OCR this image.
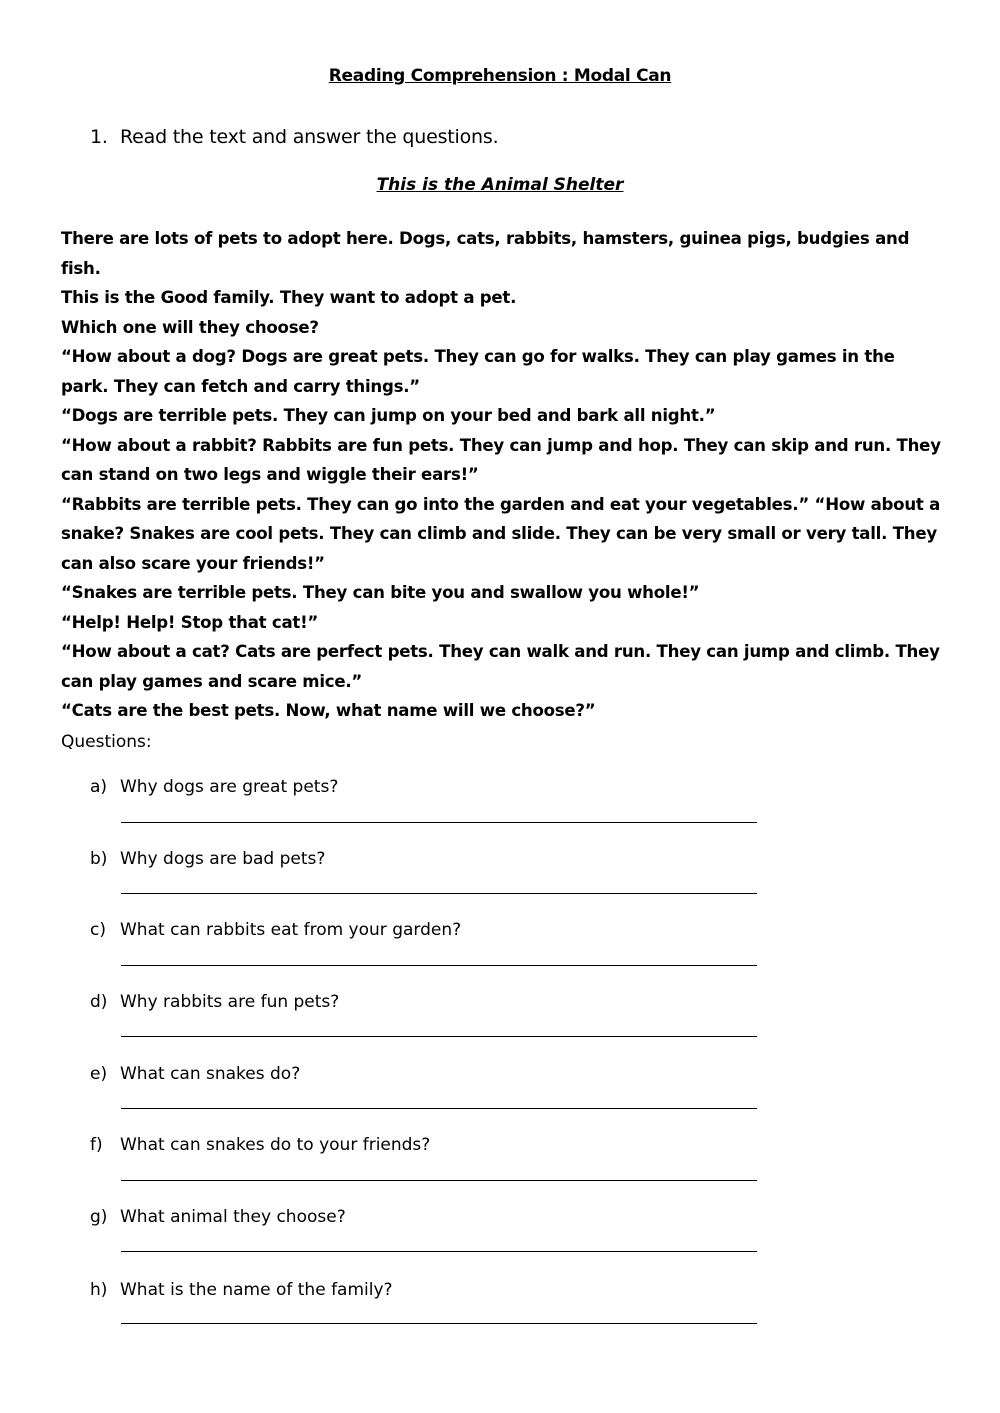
Reading Comprehension : Modal Can
1. Read the text and answer the questions.
This is the Animal Shelter

There are lots of pets to adopt here. Dogs, cats, rabbits, hamsters, guinea pigs, budgies and fish.

This is the Good family. They want to adopt a pet.

Which one will they choose?

“How about a dog? Dogs are great pets. They can go for walks. They can play games in the park. They can fetch and carry things.”

“Dogs are terrible pets. They can jump on your bed and bark all night.”

“How about a rabbit? Rabbits are fun pets. They can jump and hop. They can skip and run. They can stand on two legs and wiggle their ears!”

“Rabbits are terrible pets. They can go into the garden and eat your vegetables.” “How about a snake? Snakes are cool pets. They can climb and slide. They can be very small or very tall. They can also scare your friends!”

“Snakes are terrible pets. They can bite you and swallow you whole!”

“Help! Help! Stop that cat!”

“How about a cat? Cats are perfect pets. They can walk and run. They can jump and climb. They can play games and scare mice.”

“Cats are the best pets. Now, what name will we choose?”

Questions:
a) Why dogs are great pets?
b) Why dogs are bad pets?
c) What can rabbits eat from your garden?
d) Why rabbits are fun pets?
e) What can snakes do?
f) What can snakes do to your friends?
g) What animal they choose?
h) What is the name of the family?
